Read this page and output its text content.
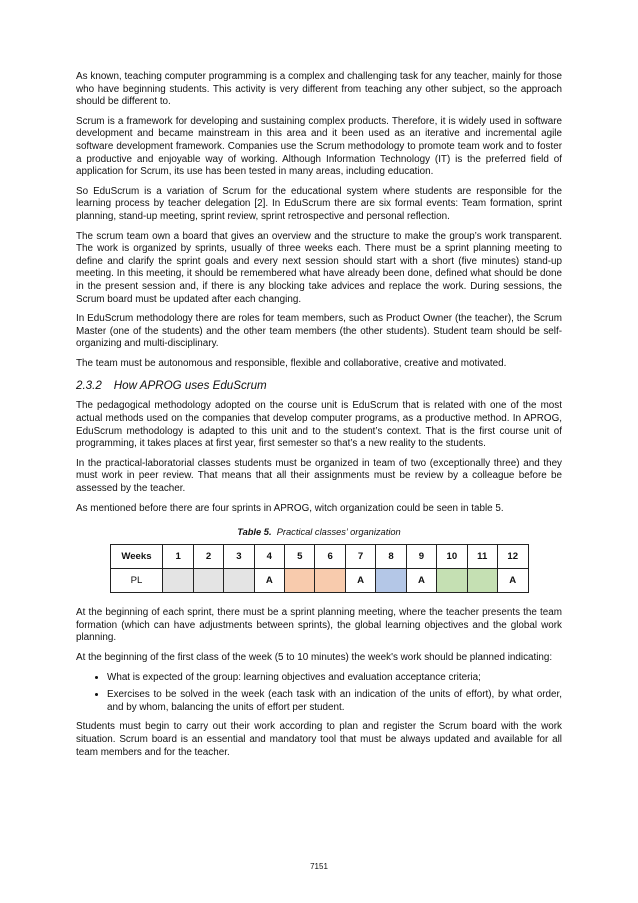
As known, teaching computer programming is a complex and challenging task for any teacher, mainly for those who have beginning students. This activity is very different from teaching any other subject, so the approach should be different to.

Scrum is a framework for developing and sustaining complex products. Therefore, it is widely used in software development and became mainstream in this area and it been used as an iterative and incremental agile software development framework. Companies use the Scrum methodology to promote team work and to foster a productive and enjoyable way of working. Although Information Technology (IT) is the preferred field of application for Scrum, its use has been tested in many areas, including education.

So EduScrum is a variation of Scrum for the educational system where students are responsible for the learning process by teacher delegation [2]. In EduScrum there are six formal events: Team formation, sprint planning, stand-up meeting, sprint review, sprint retrospective and personal reflection.

The scrum team own a board that gives an overview and the structure to make the group’s work transparent. The work is organized by sprints, usually of three weeks each. There must be a sprint planning meeting to define and clarify the sprint goals and every next session should start with a short (five minutes) stand-up meeting. In this meeting, it should be remembered what have already been done, defined what should be done in the present session and, if there is any blocking take advices and replace the work. During sessions, the Scrum board must be updated after each changing.

In EduScrum methodology there are roles for team members, such as Product Owner (the teacher), the Scrum Master (one of the students) and the other team members (the other students). Student team should be self-organizing and multi-disciplinary.

The team must be autonomous and responsible, flexible and collaborative, creative and motivated.

2.3.2 How APROG uses EduScrum

The pedagogical methodology adopted on the course unit is EduScrum that is related with one of the most actual methods used on the companies that develop computer programs, as a productive method. In APROG, EduScrum methodology is adapted to this unit and to the student’s context. That is the first course unit of programming, it takes places at first year, first semester so that’s a new reality to the students.

In the practical-laboratorial classes students must be organized in team of two (exceptionally three) and they must work in peer review. That means that all their assignments must be review by a colleague before be assessed by the teacher.

As mentioned before there are four sprints in APROG, witch organization could be seen in table 5.

Table 5. Practical classes’ organization
Weeks	1	2	3	4	5	6	7	8	9	10	11	12
PL				A			A		A			A

At the beginning of each sprint, there must be a sprint planning meeting, where the teacher presents the team formation (which can have adjustments between sprints), the global learning objectives and the global work planning.

At the beginning of the first class of the week (5 to 10 minutes) the week's work should be planned indicating:

• What is expected of the group: learning objectives and evaluation acceptance criteria;
• Exercises to be solved in the week (each task with an indication of the units of effort), by what order, and by whom, balancing the units of effort per student.

Students must begin to carry out their work according to plan and register the Scrum board with the work situation. Scrum board is an essential and mandatory tool that must be always updated and available for all team members and for the teacher.

7151
